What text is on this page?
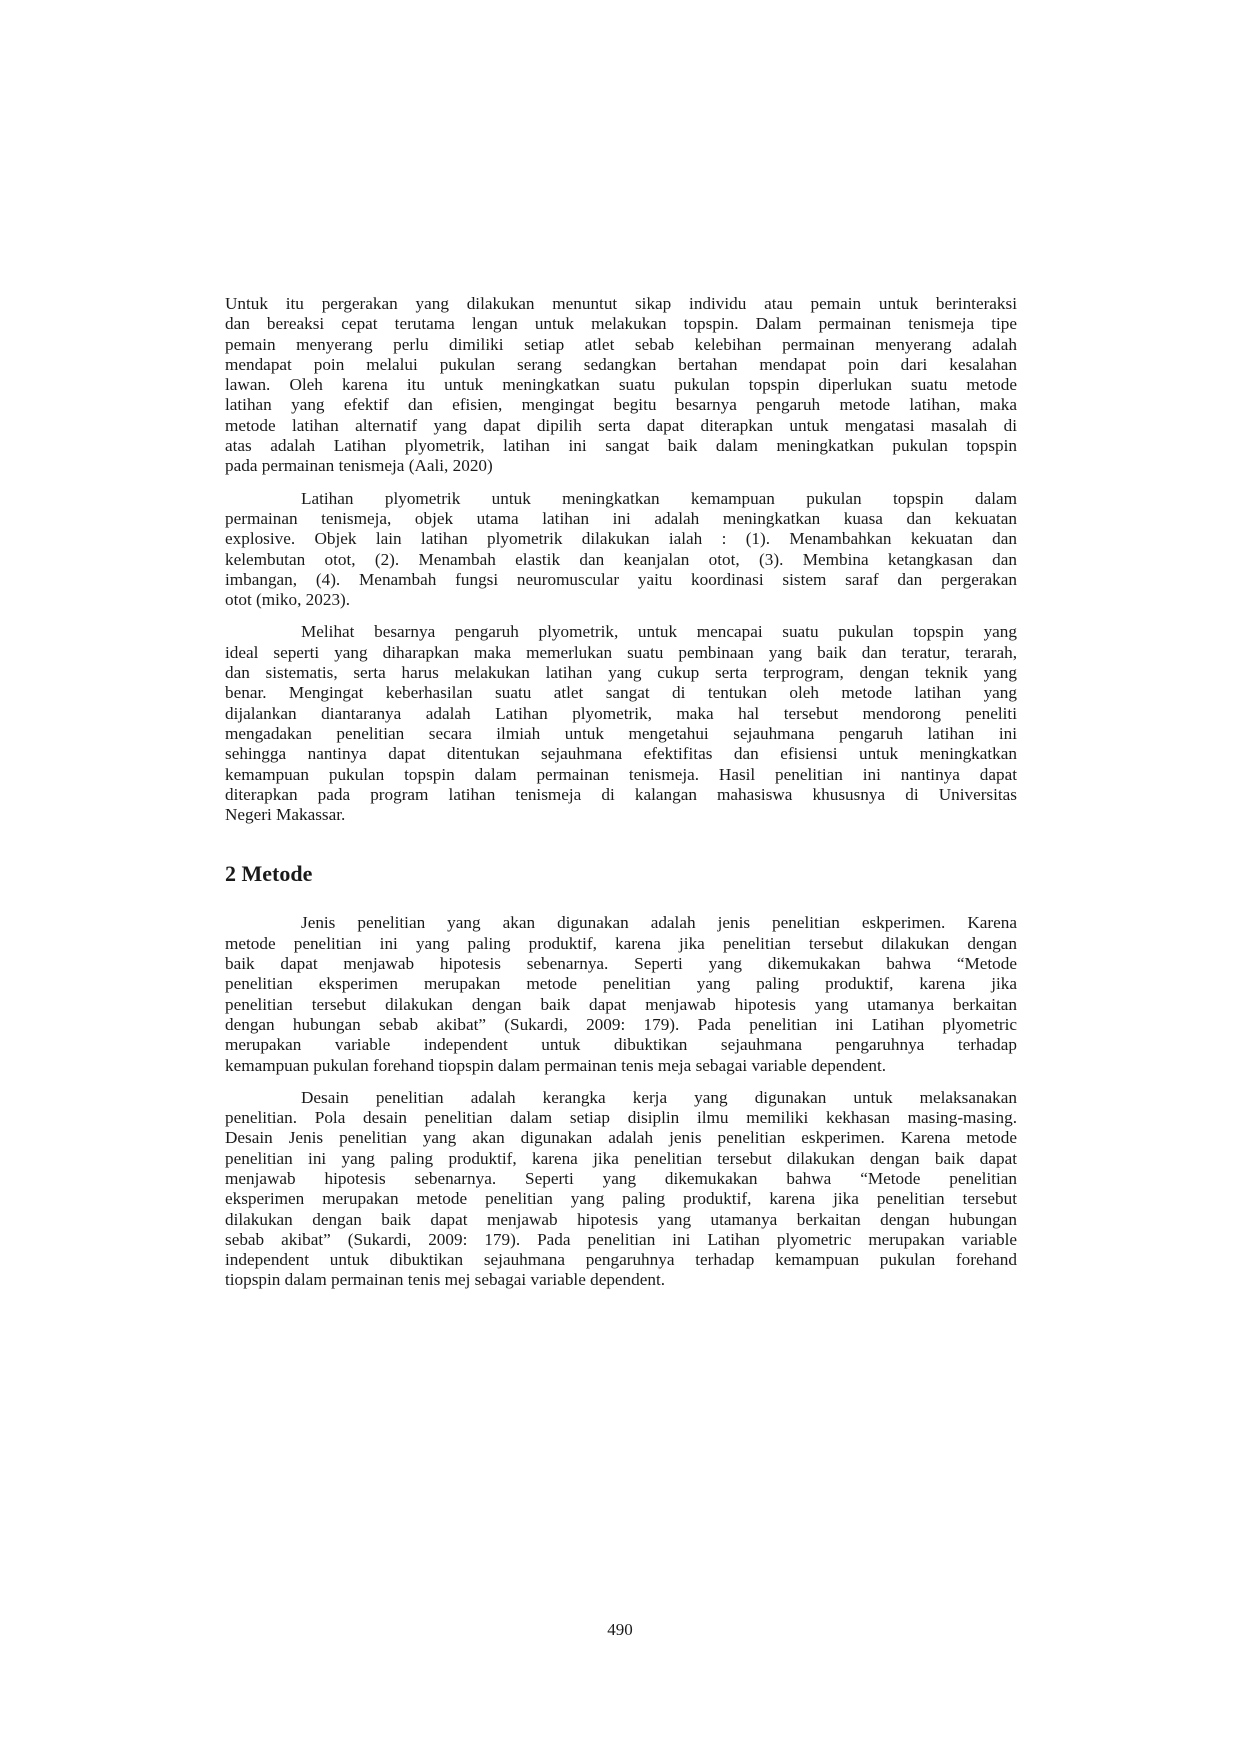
Untuk itu pergerakan yang dilakukan menuntut sikap individu atau pemain untuk berinteraksi
dan bereaksi cepat terutama lengan untuk melakukan topspin. Dalam permainan tenismeja tipe
pemain menyerang perlu dimiliki setiap atlet sebab kelebihan permainan menyerang adalah
mendapat poin melalui pukulan serang sedangkan bertahan mendapat poin dari kesalahan
lawan. Oleh karena itu untuk meningkatkan suatu pukulan topspin diperlukan suatu metode
latihan yang efektif dan efisien, mengingat begitu besarnya pengaruh metode latihan, maka
metode latihan alternatif yang dapat dipilih serta dapat diterapkan untuk mengatasi masalah di
atas adalah Latihan plyometrik, latihan ini sangat baik dalam meningkatkan pukulan topspin
pada permainan tenismeja (Aali, 2020)
Latihan plyometrik untuk meningkatkan kemampuan pukulan topspin dalam
permainan tenismeja, objek utama latihan ini adalah meningkatkan kuasa dan kekuatan
explosive. Objek lain latihan plyometrik dilakukan ialah : (1). Menambahkan kekuatan dan
kelembutan otot, (2). Menambah elastik dan keanjalan otot, (3). Membina ketangkasan dan
imbangan, (4). Menambah fungsi neuromuscular yaitu koordinasi sistem saraf dan pergerakan
otot (miko, 2023).
Melihat besarnya pengaruh plyometrik, untuk mencapai suatu pukulan topspin yang
ideal seperti yang diharapkan maka memerlukan suatu pembinaan yang baik dan teratur, terarah,
dan sistematis, serta harus melakukan latihan yang cukup serta terprogram, dengan teknik yang
benar. Mengingat keberhasilan suatu atlet sangat di tentukan oleh metode latihan yang
dijalankan diantaranya adalah Latihan plyometrik, maka hal tersebut mendorong peneliti
mengadakan penelitian secara ilmiah untuk mengetahui sejauhmana pengaruh latihan ini
sehingga nantinya dapat ditentukan sejauhmana efektifitas dan efisiensi untuk meningkatkan
kemampuan pukulan topspin dalam permainan tenismeja. Hasil penelitian ini nantinya dapat
diterapkan pada program latihan tenismeja di kalangan mahasiswa khususnya di Universitas
Negeri Makassar.
2 Metode
Jenis penelitian yang akan digunakan adalah jenis penelitian eskperimen. Karena
metode penelitian ini yang paling produktif, karena jika penelitian tersebut dilakukan dengan
baik dapat menjawab hipotesis sebenarnya. Seperti yang dikemukakan bahwa “Metode
penelitian eksperimen merupakan metode penelitian yang paling produktif, karena jika
penelitian tersebut dilakukan dengan baik dapat menjawab hipotesis yang utamanya berkaitan
dengan hubungan sebab akibat” (Sukardi, 2009: 179). Pada penelitian ini Latihan plyometric
merupakan variable independent untuk dibuktikan sejauhmana pengaruhnya terhadap
kemampuan pukulan forehand tiopspin dalam permainan tenis meja sebagai variable dependent.
Desain penelitian adalah kerangka kerja yang digunakan untuk melaksanakan
penelitian. Pola desain penelitian dalam setiap disiplin ilmu memiliki kekhasan masing-masing.
Desain Jenis penelitian yang akan digunakan adalah jenis penelitian eskperimen. Karena metode
penelitian ini yang paling produktif, karena jika penelitian tersebut dilakukan dengan baik dapat
menjawab hipotesis sebenarnya. Seperti yang dikemukakan bahwa “Metode penelitian
eksperimen merupakan metode penelitian yang paling produktif, karena jika penelitian tersebut
dilakukan dengan baik dapat menjawab hipotesis yang utamanya berkaitan dengan hubungan
sebab akibat” (Sukardi, 2009: 179). Pada penelitian ini Latihan plyometric merupakan variable
independent untuk dibuktikan sejauhmana pengaruhnya terhadap kemampuan pukulan forehand
tiopspin dalam permainan tenis mej sebagai variable dependent.
490
